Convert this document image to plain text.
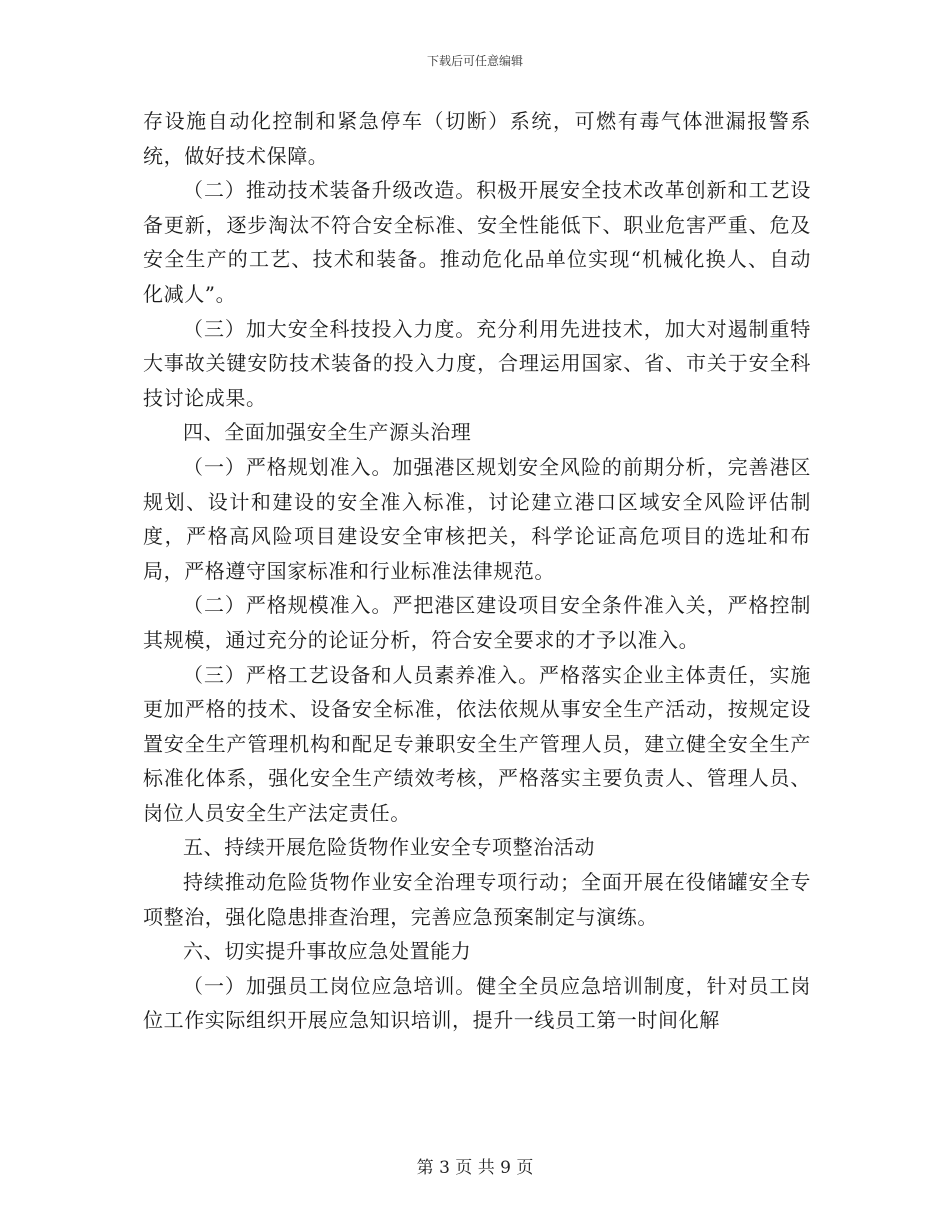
下载后可任意编辑

存设施自动化控制和紧急停车（切断）系统，可燃有毒气体泄漏报警系统，做好技术保障。

（二）推动技术装备升级改造。积极开展安全技术改革创新和工艺设备更新，逐步淘汰不符合安全标准、安全性能低下、职业危害严重、危及安全生产的工艺、技术和装备。推动危化品单位实现“机械化换人、自动化减人”。

（三）加大安全科技投入力度。充分利用先进技术，加大对遏制重特大事故关键安防技术装备的投入力度，合理运用国家、省、市关于安全科技讨论成果。

四、全面加强安全生产源头治理

（一）严格规划准入。加强港区规划安全风险的前期分析，完善港区规划、设计和建设的安全准入标准，讨论建立港口区域安全风险评估制度，严格高风险项目建设安全审核把关，科学论证高危项目的选址和布局，严格遵守国家标准和行业标准法律规范。

（二）严格规模准入。严把港区建设项目安全条件准入关，严格控制其规模，通过充分的论证分析，符合安全要求的才予以准入。

（三）严格工艺设备和人员素养准入。严格落实企业主体责任，实施更加严格的技术、设备安全标准，依法依规从事安全生产活动，按规定设置安全生产管理机构和配足专兼职安全生产管理人员，建立健全安全生产标准化体系，强化安全生产绩效考核，严格落实主要负责人、管理人员、岗位人员安全生产法定责任。

五、持续开展危险货物作业安全专项整治活动

持续推动危险货物作业安全治理专项行动；全面开展在役储罐安全专项整治，强化隐患排查治理，完善应急预案制定与演练。

六、切实提升事故应急处置能力

（一）加强员工岗位应急培训。健全全员应急培训制度，针对员工岗位工作实际组织开展应急知识培训，提升一线员工第一时间化解

第 3 页 共 9 页
